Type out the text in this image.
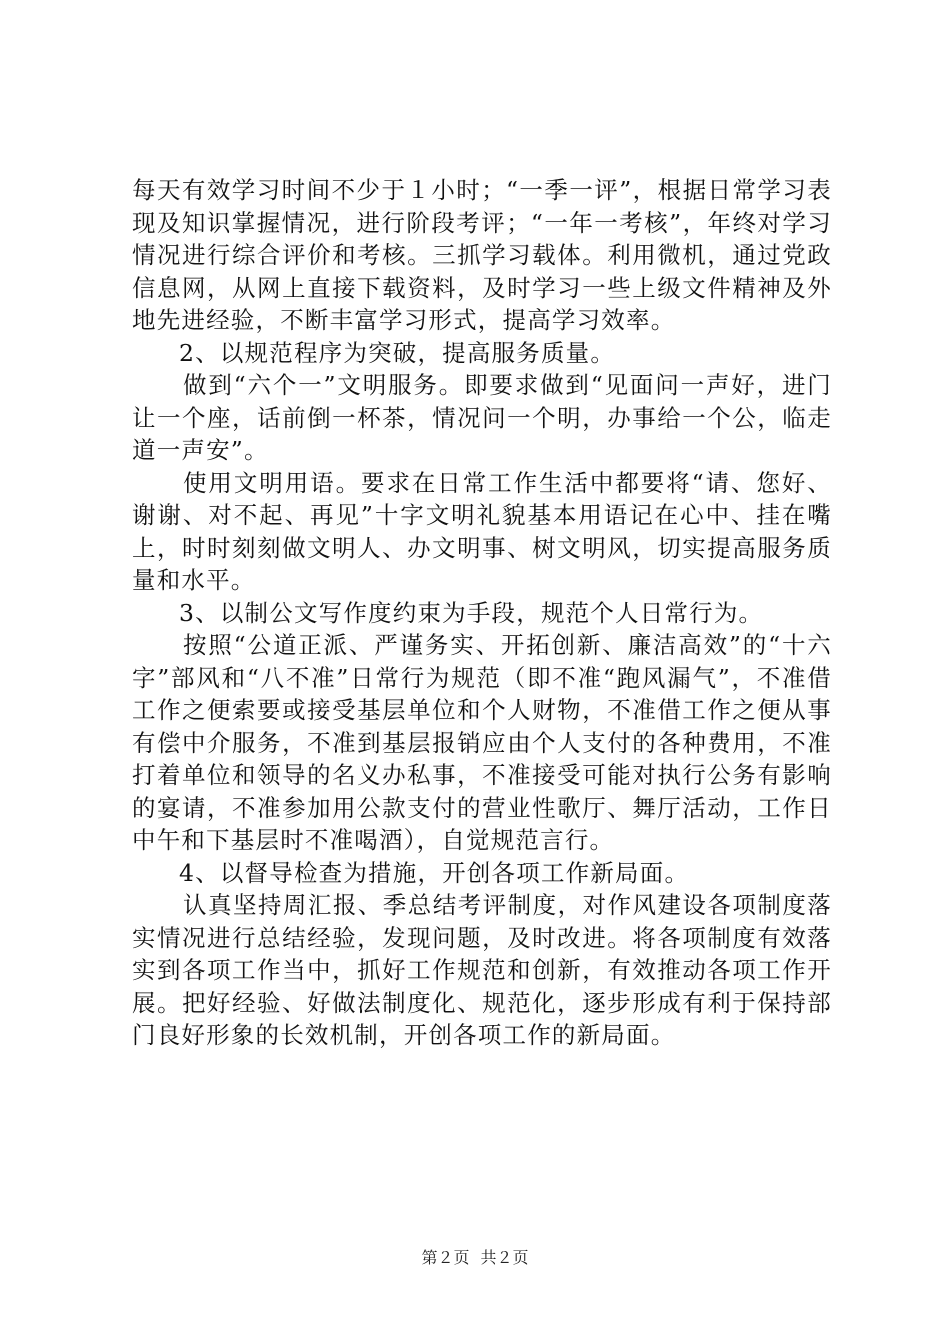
每天有效学习时间不少于１小时；“一季一评”，根据日常学习表现及知识掌握情况，进行阶段考评；“一年一考核”，年终对学习情况进行综合评价和考核。三抓学习载体。利用微机，通过党政信息网，从网上直接下载资料，及时学习一些上级文件精神及外地先进经验，不断丰富学习形式，提高学习效率。

2、以规范程序为突破，提高服务质量。

做到“六个一”文明服务。即要求做到“见面问一声好，进门让一个座，话前倒一杯茶，情况问一个明，办事给一个公，临走道一声安”。

使用文明用语。要求在日常工作生活中都要将“请、您好、谢谢、对不起、再见”十字文明礼貌基本用语记在心中、挂在嘴上，时时刻刻做文明人、办文明事、树文明风，切实提高服务质量和水平。

3、以制公文写作度约束为手段，规范个人日常行为。

按照“公道正派、严谨务实、开拓创新、廉洁高效”的“十六字”部风和“八不准”日常行为规范（即不准“跑风漏气”，不准借工作之便索要或接受基层单位和个人财物，不准借工作之便从事有偿中介服务，不准到基层报销应由个人支付的各种费用，不准打着单位和领导的名义办私事，不准接受可能对执行公务有影响的宴请，不准参加用公款支付的营业性歌厅、舞厅活动，工作日中午和下基层时不准喝酒），自觉规范言行。

4、以督导检查为措施，开创各项工作新局面。

认真坚持周汇报、季总结考评制度，对作风建设各项制度落实情况进行总结经验，发现问题，及时改进。将各项制度有效落实到各项工作当中，抓好工作规范和创新，有效推动各项工作开展。把好经验、好做法制度化、规范化，逐步形成有利于保持部门良好形象的长效机制，开创各项工作的新局面。

第２页 共２页
